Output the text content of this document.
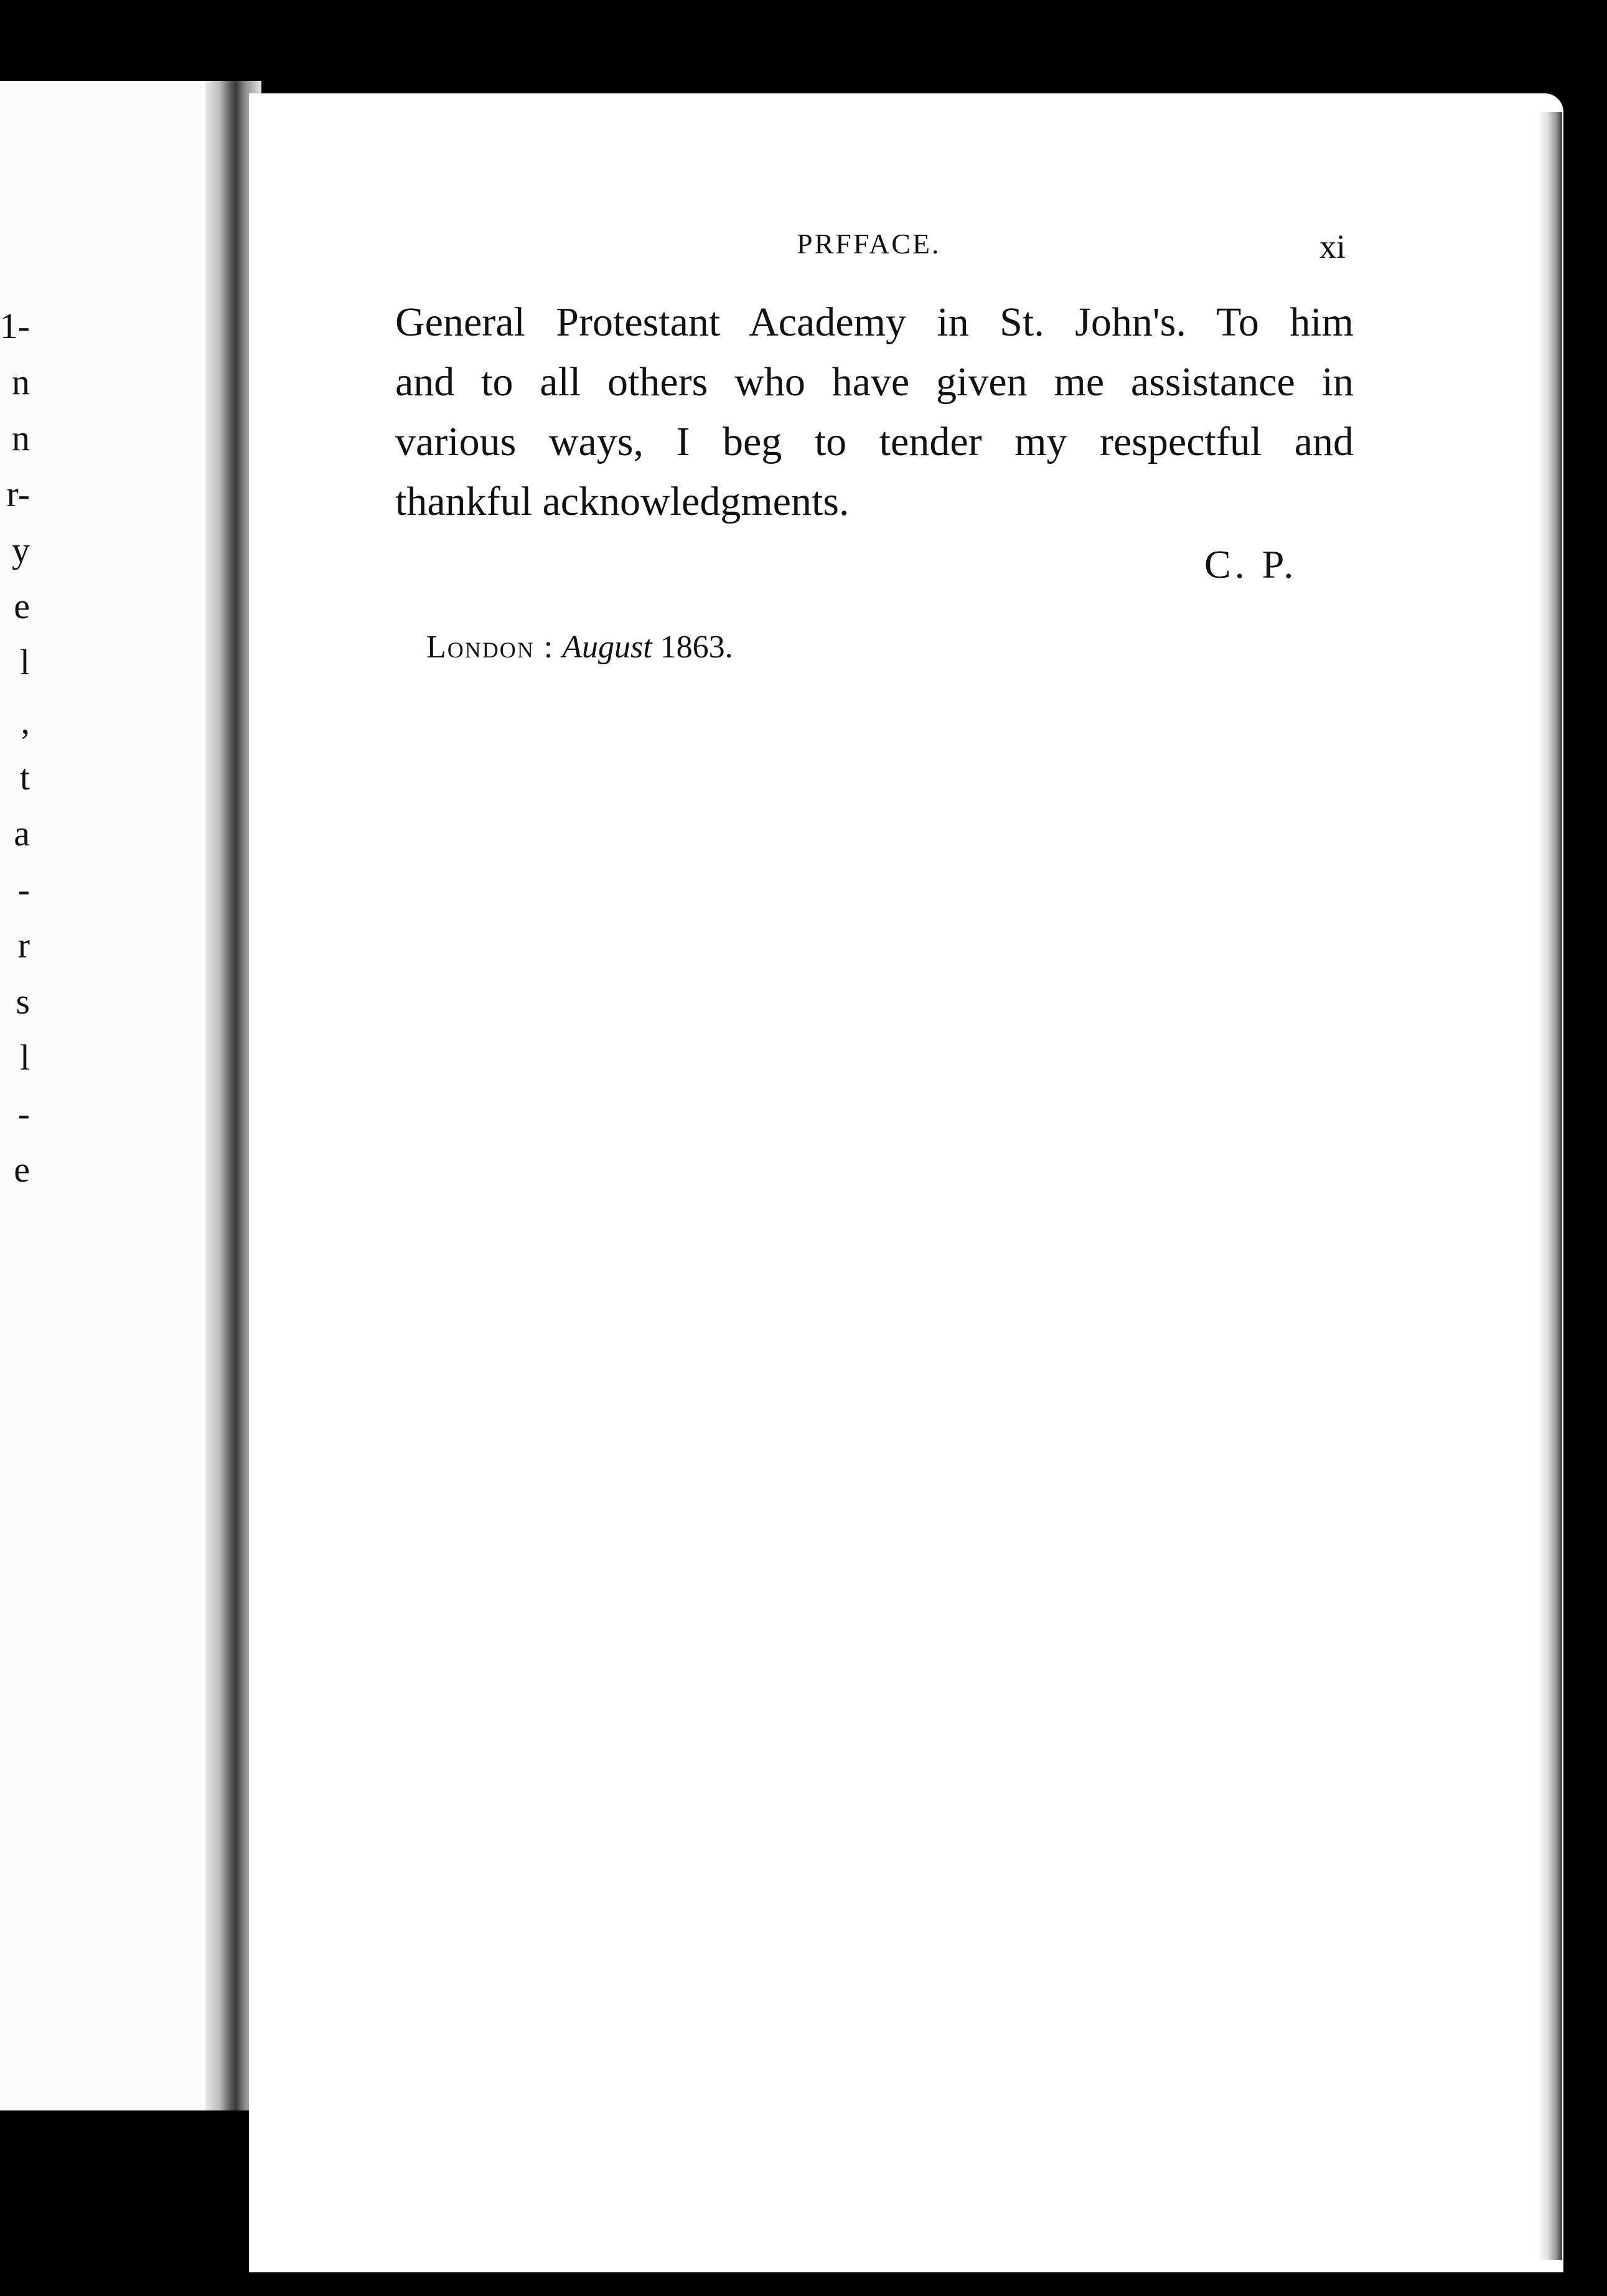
1-
n
n
r-
y
e
l
,
t
a
-
r
s
l
-
e
PRFFACE.	xi
General Protestant Academy in St. John's. To him
and to all others who have given me assistance in
various ways, I beg to tender my respectful and
thankful acknowledgments.
C. P.
London : August 1863.
